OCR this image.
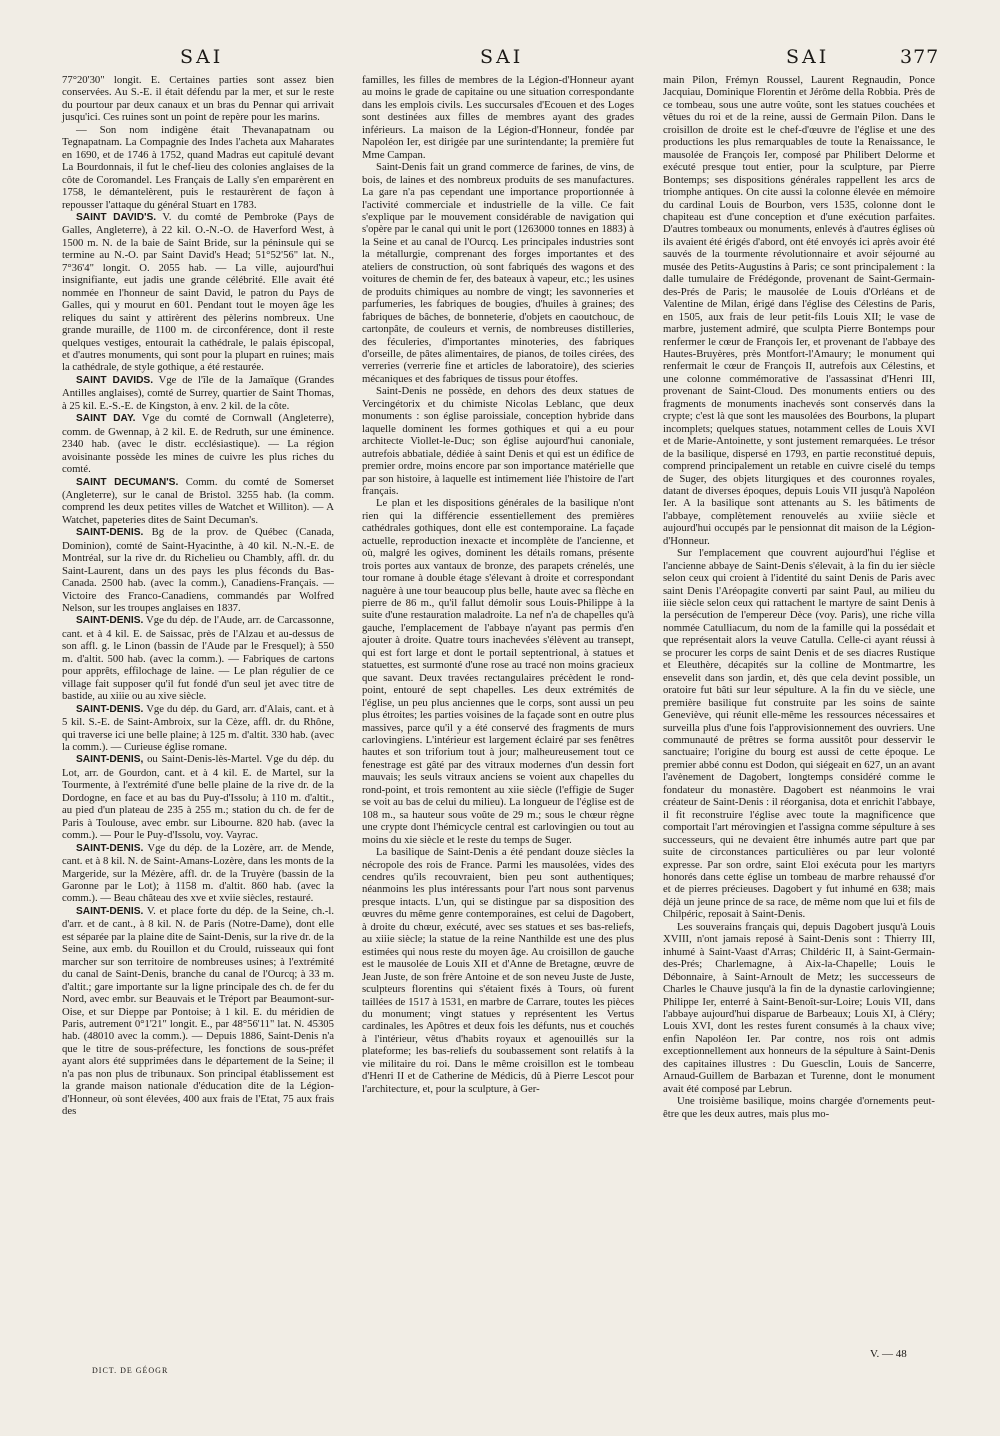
SAI	SAI	SAI	377

77°20'30" longit. E. Certaines parties sont assez bien conservées. Au S.-E. il était défendu par la mer, et sur le reste du pourtour par deux canaux et un bras du Pennar qui arrivait jusqu'ici. Ces ruines sont un point de repère pour les marins.

— Son nom indigène était Thevanapatnam ou Tegnapatnam. La Compagnie des Indes l'acheta aux Maharates en 1690, et de 1746 à 1752, quand Madras eut capitulé devant La Bourdonnais, il fut le chef-lieu des colonies anglaises de la côte de Coromandel. Les Français de Lally s'en emparèrent en 1758, le démantelèrent, puis le restaurèrent de façon à repousser l'attaque du général Stuart en 1783.

SAINT DAVID'S. V. du comté de Pembroke (Pays de Galles, Angleterre), à 22 kil. O.-N.-O. de Haverford West, à 1500 m. N. de la baie de Saint Bride, sur la péninsule qui se termine au N.-O. par Saint David's Head; 51°52'56" lat. N., 7°36'4" longit. O. 2055 hab. — La ville, aujourd'hui insignifiante, eut jadis une grande célébrité. Elle avait été nommée en l'honneur de saint David, le patron du Pays de Galles, qui y mourut en 601. Pendant tout le moyen âge les reliques du saint y attirèrent des pèlerins nombreux. Une grande muraille, de 1100 m. de circonférence, dont il reste quelques vestiges, entourait la cathédrale, le palais épiscopal, et d'autres monuments, qui sont pour la plupart en ruines; mais la cathédrale, de style gothique, a été restaurée.

SAINT DAVIDS. Vge de l'île de la Jamaïque (Grandes Antilles anglaises), comté de Surrey, quartier de Saint Thomas, à 25 kil. E.-S.-E. de Kingston, à env. 2 kil. de la côte.

SAINT DAY. Vge du comté de Cornwall (Angleterre), comm. de Gwennap, à 2 kil. E. de Redruth, sur une éminence. 2340 hab. (avec le distr. ecclésiastique). — La région avoisinante possède les mines de cuivre les plus riches du comté.

SAINT DECUMAN'S. Comm. du comté de Somerset (Angleterre), sur le canal de Bristol. 3255 hab. (la comm. comprend les deux petites villes de Watchet et Williton). — A Watchet, papeteries dites de Saint Decuman's.

SAINT-DENIS. Bg de la prov. de Québec (Canada, Dominion), comté de Saint-Hyacinthe, à 40 kil. N.-N.-E. de Montréal, sur la rive dr. du Richelieu ou Chambly, affl. dr. du Saint-Laurent, dans un des pays les plus féconds du Bas-Canada. 2500 hab. (avec la comm.), Canadiens-Français. — Victoire des Franco-Canadiens, commandés par Wolfred Nelson, sur les troupes anglaises en 1837.

SAINT-DENIS. Vge du dép. de l'Aude, arr. de Carcassonne, cant. et à 4 kil. E. de Saissac, près de l'Alzau et au-dessus de son affl. g. le Linon (bassin de l'Aude par le Fresquel); à 550 m. d'altit. 500 hab. (avec la comm.). — Fabriques de cartons pour apprêts, effilochage de laine. — Le plan régulier de ce village fait supposer qu'il fut fondé d'un seul jet avec titre de bastide, au xiiie ou au xive siècle.

SAINT-DENIS. Vge du dép. du Gard, arr. d'Alais, cant. et à 5 kil. S.-E. de Saint-Ambroix, sur la Cèze, affl. dr. du Rhône, qui traverse ici une belle plaine; à 125 m. d'altit. 330 hab. (avec la comm.). — Curieuse église romane.

SAINT-DENIS, ou Saint-Denis-lès-Martel. Vge du dép. du Lot, arr. de Gourdon, cant. et à 4 kil. E. de Martel, sur la Tourmente, à l'extrémité d'une belle plaine de la rive dr. de la Dordogne, en face et au bas du Puy-d'Issolu; à 110 m. d'altit., au pied d'un plateau de 235 à 255 m.; station du ch. de fer de Paris à Toulouse, avec embr. sur Libourne. 820 hab. (avec la comm.). — Pour le Puy-d'Issolu, voy. Vayrac.

SAINT-DENIS. Vge du dép. de la Lozère, arr. de Mende, cant. et à 8 kil. N. de Saint-Amans-Lozère, dans les monts de la Margeride, sur la Mézère, affl. dr. de la Truyère (bassin de la Garonne par le Lot); à 1158 m. d'altit. 860 hab. (avec la comm.). — Beau château des xve et xviie siècles, restauré.

SAINT-DENIS. V. et place forte du dép. de la Seine, ch.-l. d'arr. et de cant., à 8 kil. N. de Paris (Notre-Dame), dont elle est séparée par la plaine dite de Saint-Denis, sur la rive dr. de la Seine, aux emb. du Rouillon et du Crould, ruisseaux qui font marcher sur son territoire de nombreuses usines; à l'extrémité du canal de Saint-Denis, branche du canal de l'Ourcq; à 33 m. d'altit.; gare importante sur la ligne principale des ch. de fer du Nord, avec embr. sur Beauvais et le Tréport par Beaumont-sur-Oise, et sur Dieppe par Pontoise; à 1 kil. E. du méridien de Paris, autrement 0°1'21" longit. E., par 48°56'11" lat. N. 45305 hab. (48010 avec la comm.). — Depuis 1886, Saint-Denis n'a que le titre de sous-préfecture, les fonctions de sous-préfet ayant alors été supprimées dans le département de la Seine; il n'a pas non plus de tribunaux. Son principal établissement est la grande maison nationale d'éducation dite de la Légion-d'Honneur, où sont élevées, 400 aux frais de l'Etat, 75 aux frais des

familles, les filles de membres de la Légion-d'Honneur ayant au moins le grade de capitaine ou une situation correspondante dans les emplois civils. Les succursales d'Ecouen et des Loges sont destinées aux filles de membres ayant des grades inférieurs. La maison de la Légion-d'Honneur, fondée par Napoléon Ier, est dirigée par une surintendante; la première fut Mme Campan.

Saint-Denis fait un grand commerce de farines, de vins, de bois, de laines et des nombreux produits de ses manufactures. La gare n'a pas cependant une importance proportionnée à l'activité commerciale et industrielle de la ville. Ce fait s'explique par le mouvement considérable de navigation qui s'opère par le canal qui unit le port (1263000 tonnes en 1883) à la Seine et au canal de l'Ourcq. Les principales industries sont la métallurgie, comprenant des forges importantes et des ateliers de construction, où sont fabriqués des wagons et des voitures de chemin de fer, des bateaux à vapeur, etc.; les usines de produits chimiques au nombre de vingt; les savonneries et parfumeries, les fabriques de bougies, d'huiles à graines; des fabriques de bâches, de bonneterie, d'objets en caoutchouc, de cartonpâte, de couleurs et vernis, de nombreuses distilleries, des féculeries, d'importantes minoteries, des fabriques d'orseille, de pâtes alimentaires, de pianos, de toiles cirées, des verreries (verrerie fine et articles de laboratoire), des scieries mécaniques et des fabriques de tissus pour étoffes.

Saint-Denis ne possède, en dehors des deux statues de Vercingétorix et du chimiste Nicolas Leblanc, que deux monuments : son église paroissiale, conception hybride dans laquelle dominent les formes gothiques et qui a eu pour architecte Viollet-le-Duc; son église aujourd'hui canoniale, autrefois abbatiale, dédiée à saint Denis et qui est un édifice de premier ordre, moins encore par son importance matérielle que par son histoire, à laquelle est intimement liée l'histoire de l'art français.

Le plan et les dispositions générales de la basilique n'ont rien qui la différencie essentiellement des premières cathédrales gothiques, dont elle est contemporaine. La façade actuelle, reproduction inexacte et incomplète de l'ancienne, et où, malgré les ogives, dominent les détails romans, présente trois portes aux vantaux de bronze, des parapets crénelés, une tour romane à double étage s'élevant à droite et correspondant naguère à une tour beaucoup plus belle, haute avec sa flèche en pierre de 86 m., qu'il fallut démolir sous Louis-Philippe à la suite d'une restauration maladroite. La nef n'a de chapelles qu'à gauche, l'emplacement de l'abbaye n'ayant pas permis d'en ajouter à droite. Quatre tours inachevées s'élèvent au transept, qui est fort large et dont le portail septentrional, à statues et statuettes, est surmonté d'une rose au tracé non moins gracieux que savant. Deux travées rectangulaires précèdent le rond-point, entouré de sept chapelles. Les deux extrémités de l'église, un peu plus anciennes que le corps, sont aussi un peu plus étroites; les parties voisines de la façade sont en outre plus massives, parce qu'il y a été conservé des fragments de murs carlovingiens. L'intérieur est largement éclairé par ses fenêtres hautes et son triforium tout à jour; malheureusement tout ce fenestrage est gâté par des vitraux modernes d'un dessin fort mauvais; les seuls vitraux anciens se voient aux chapelles du rond-point, et trois remontent au xiie siècle (l'effigie de Suger se voit au bas de celui du milieu). La longueur de l'église est de 108 m., sa hauteur sous voûte de 29 m.; sous le chœur règne une crypte dont l'hémicycle central est carlovingien ou tout au moins du xie siècle et le reste du temps de Suger.

La basilique de Saint-Denis a été pendant douze siècles la nécropole des rois de France. Parmi les mausolées, vides des cendres qu'ils recouvraient, bien peu sont authentiques; néanmoins les plus intéressants pour l'art nous sont parvenus presque intacts. L'un, qui se distingue par sa disposition des œuvres du même genre contemporaines, est celui de Dagobert, à droite du chœur, exécuté, avec ses statues et ses bas-reliefs, au xiiie siècle; la statue de la reine Nanthilde est une des plus estimées qui nous reste du moyen âge. Au croisillon de gauche est le mausolée de Louis XII et d'Anne de Bretagne, œuvre de Jean Juste, de son frère Antoine et de son neveu Juste de Juste, sculpteurs florentins qui s'étaient fixés à Tours, où furent taillées de 1517 à 1531, en marbre de Carrare, toutes les pièces du monument; vingt statues y représentent les Vertus cardinales, les Apôtres et deux fois les défunts, nus et couchés à l'intérieur, vêtus d'habits royaux et agenouillés sur la plateforme; les bas-reliefs du soubassement sont relatifs à la vie militaire du roi. Dans le même croisillon est le tombeau d'Henri II et de Catherine de Médicis, dû à Pierre Lescot pour l'architecture, et, pour la sculpture, à Ger-

main Pilon, Frémyn Roussel, Laurent Regnaudin, Ponce Jacquiau, Dominique Florentin et Jérôme della Robbia. Près de ce tombeau, sous une autre voûte, sont les statues couchées et vêtues du roi et de la reine, aussi de Germain Pilon. Dans le croisillon de droite est le chef-d'œuvre de l'église et une des productions les plus remarquables de toute la Renaissance, le mausolée de François Ier, composé par Philibert Delorme et exécuté presque tout entier, pour la sculpture, par Pierre Bontemps; ses dispositions générales rappellent les arcs de triomphe antiques. On cite aussi la colonne élevée en mémoire du cardinal Louis de Bourbon, vers 1535, colonne dont le chapiteau est d'une conception et d'une exécution parfaites. D'autres tombeaux ou monuments, enlevés à d'autres églises où ils avaient été érigés d'abord, ont été envoyés ici après avoir été sauvés de la tourmente révolutionnaire et avoir séjourné au musée des Petits-Augustins à Paris; ce sont principalement : la dalle tumulaire de Frédégonde, provenant de Saint-Germain-des-Prés de Paris; le mausolée de Louis d'Orléans et de Valentine de Milan, érigé dans l'église des Célestins de Paris, en 1505, aux frais de leur petit-fils Louis XII; le vase de marbre, justement admiré, que sculpta Pierre Bontemps pour renfermer le cœur de François Ier, et provenant de l'abbaye des Hautes-Bruyères, près Montfort-l'Amaury; le monument qui renfermait le cœur de François II, autrefois aux Célestins, et une colonne commémorative de l'assassinat d'Henri III, provenant de Saint-Cloud. Des monuments entiers ou des fragments de monuments inachevés sont conservés dans la crypte; c'est là que sont les mausolées des Bourbons, la plupart incomplets; quelques statues, notamment celles de Louis XVI et de Marie-Antoinette, y sont justement remarquées. Le trésor de la basilique, dispersé en 1793, en partie reconstitué depuis, comprend principalement un retable en cuivre ciselé du temps de Suger, des objets liturgiques et des couronnes royales, datant de diverses époques, depuis Louis VII jusqu'à Napoléon Ier. A la basilique sont attenants au S. les bâtiments de l'abbaye, complètement renouvelés au xviiie siècle et aujourd'hui occupés par le pensionnat dit maison de la Légion-d'Honneur.

Sur l'emplacement que couvrent aujourd'hui l'église et l'ancienne abbaye de Saint-Denis s'élevait, à la fin du ier siècle selon ceux qui croient à l'identité du saint Denis de Paris avec saint Denis l'Aréopagite converti par saint Paul, au milieu du iiie siècle selon ceux qui rattachent le martyre de saint Denis à la persécution de l'empereur Dèce (voy. Paris), une riche villa nommée Catulliacum, du nom de la famille qui la possédait et que représentait alors la veuve Catulla. Celle-ci ayant réussi à se procurer les corps de saint Denis et de ses diacres Rustique et Eleuthère, décapités sur la colline de Montmartre, les ensevelit dans son jardin, et, dès que cela devint possible, un oratoire fut bâti sur leur sépulture. A la fin du ve siècle, une première basilique fut construite par les soins de sainte Geneviève, qui réunit elle-même les ressources nécessaires et surveilla plus d'une fois l'approvisionnement des ouvriers. Une communauté de prêtres se forma aussitôt pour desservir le sanctuaire; l'origine du bourg est aussi de cette époque. Le premier abbé connu est Dodon, qui siégeait en 627, un an avant l'avènement de Dagobert, longtemps considéré comme le fondateur du monastère. Dagobert est néanmoins le vrai créateur de Saint-Denis : il réorganisa, dota et enrichit l'abbaye, il fit reconstruire l'église avec toute la magnificence que comportait l'art mérovingien et l'assigna comme sépulture à ses successeurs, qui ne devaient être inhumés autre part que par suite de circonstances particulières ou par leur volonté expresse. Par son ordre, saint Eloi exécuta pour les martyrs honorés dans cette église un tombeau de marbre rehaussé d'or et de pierres précieuses. Dagobert y fut inhumé en 638; mais déjà un jeune prince de sa race, de même nom que lui et fils de Chilpéric, reposait à Saint-Denis.

Les souverains français qui, depuis Dagobert jusqu'à Louis XVIII, n'ont jamais reposé à Saint-Denis sont : Thierry III, inhumé à Saint-Vaast d'Arras; Childéric II, à Saint-Germain-des-Prés; Charlemagne, à Aix-la-Chapelle; Louis le Débonnaire, à Saint-Arnoult de Metz; les successeurs de Charles le Chauve jusqu'à la fin de la dynastie carlovingienne; Philippe Ier, enterré à Saint-Benoît-sur-Loire; Louis VII, dans l'abbaye aujourd'hui disparue de Barbeaux; Louis XI, à Cléry; Louis XVI, dont les restes furent consumés à la chaux vive; enfin Napoléon Ier. Par contre, nos rois ont admis exceptionnellement aux honneurs de la sépulture à Saint-Denis des capitaines illustres : Du Guesclin, Louis de Sancerre, Arnaud-Guillem de Barbazan et Turenne, dont le monument avait été composé par Lebrun.

Une troisième basilique, moins chargée d'ornements peut-être que les deux autres, mais plus mo-

DICT. DE GÉOGR
V. — 48
